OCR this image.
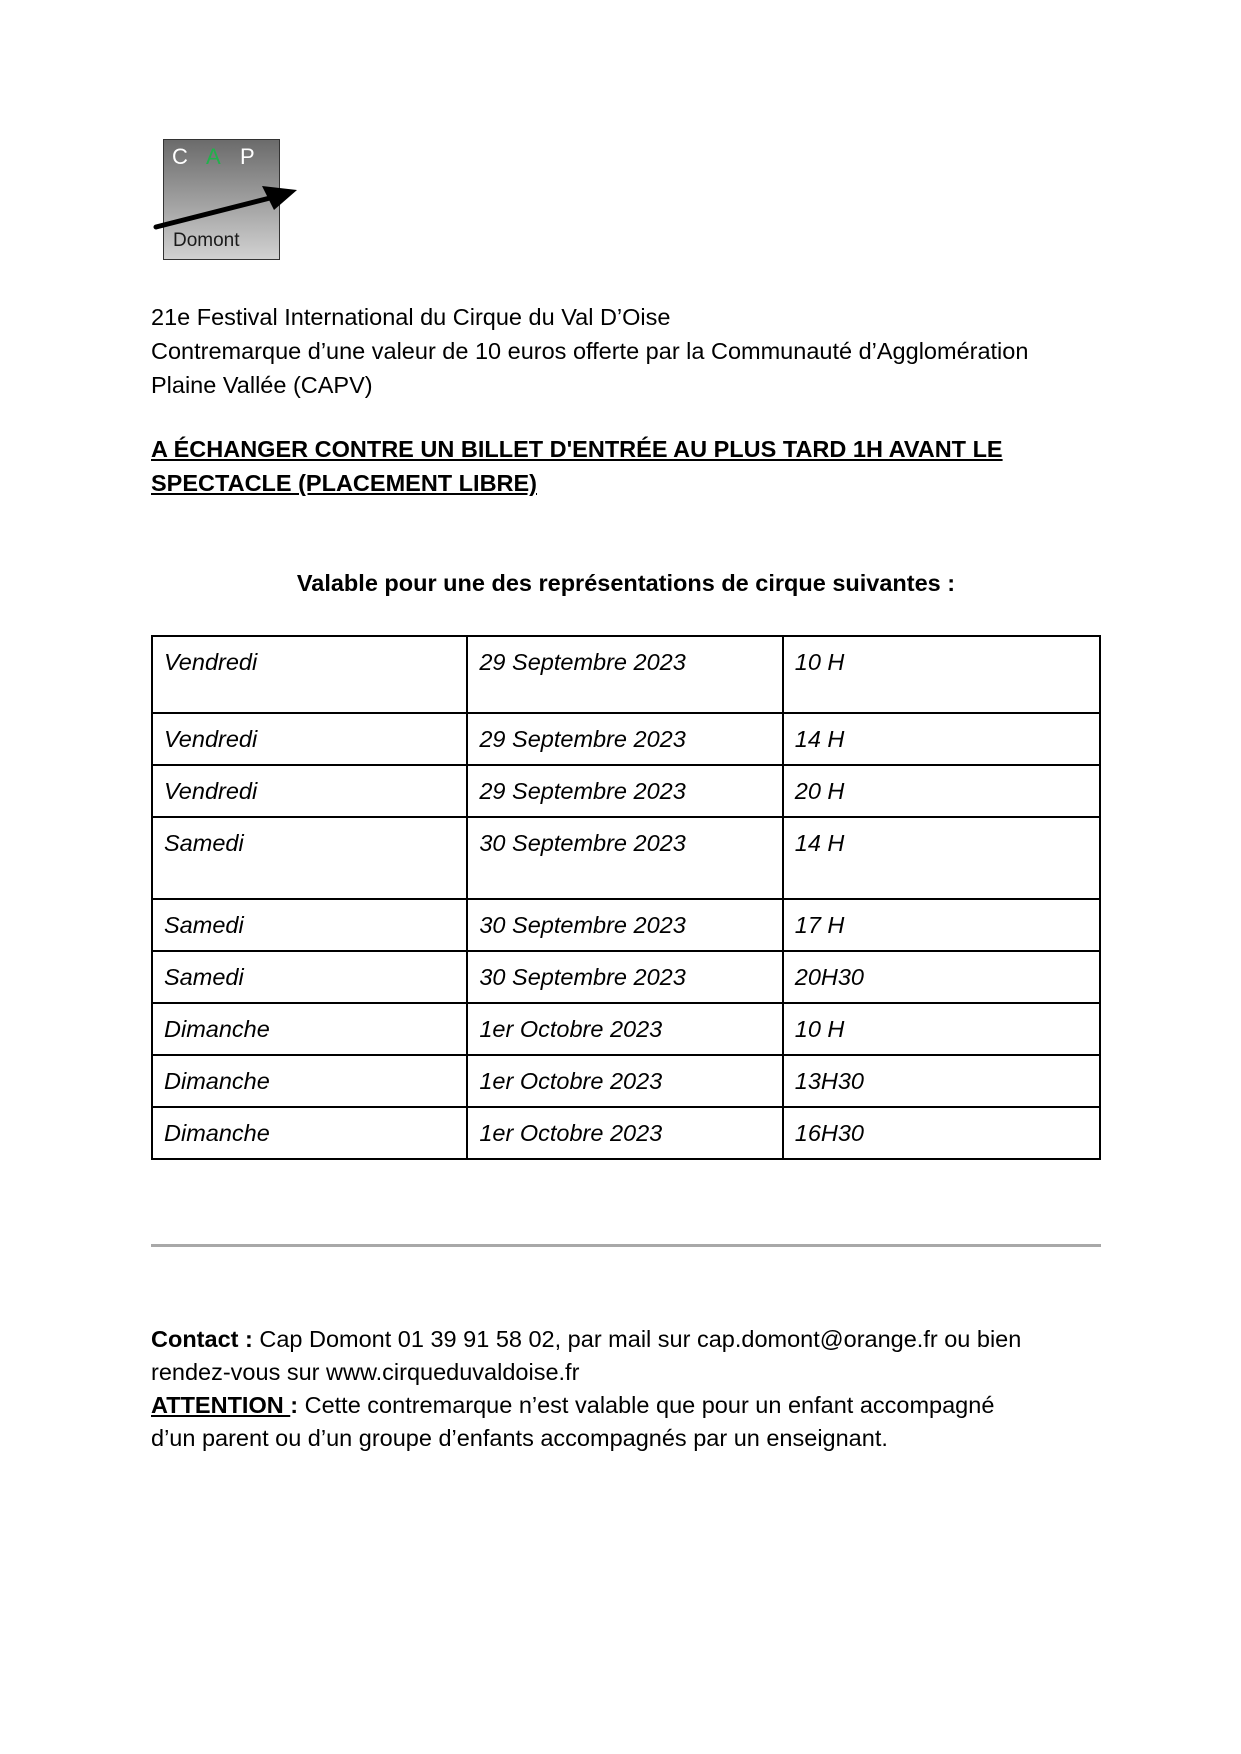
C A P
Domont

21e Festival International du Cirque du Val D’Oise

Contremarque d’une valeur de 10 euros offerte par la Communauté d’Agglomération

Plaine Vallée (CAPV)

A ÉCHANGER CONTRE UN BILLET D'ENTRÉE AU PLUS TARD 1H AVANT LE

SPECTACLE (PLACEMENT LIBRE)

Valable pour une des représentations de cirque suivantes :
Vendredi	29 Septembre 2023	10 H
Vendredi	29 Septembre 2023	14 H
Vendredi	29 Septembre 2023	20 H
Samedi	30 Septembre 2023	14 H
Samedi	30 Septembre 2023	17 H
Samedi	30 Septembre 2023	20H30
Dimanche	1er Octobre 2023	10 H
Dimanche	1er Octobre 2023	13H30
Dimanche	1er Octobre 2023	16H30

Contact : Cap Domont 01 39 91 58 02, par mail sur cap.domont@orange.fr ou bien

rendez-vous sur www.cirqueduvaldoise.fr

ATTENTION : Cette contremarque n’est valable que pour un enfant accompagné

d’un parent ou d’un groupe d’enfants accompagnés par un enseignant.
